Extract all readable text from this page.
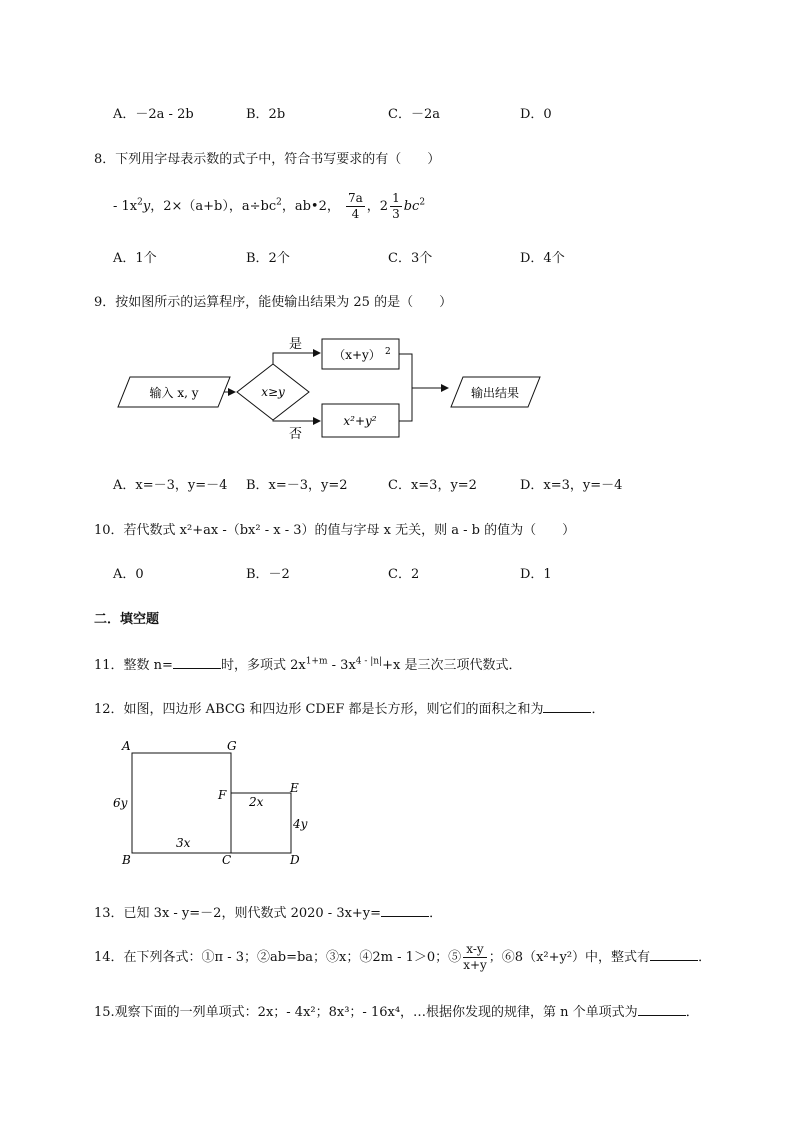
A．－2a - 2b	B．2b	C．－2a	D．0
8．下列用字母表示数的式子中，符合书写要求的有（　　）
- $1x^2y$，2×（a+b），$a\div bc^2$，ab•2， $\frac{7a}{4}$ ，$2 \frac{1}{3} bc^2$
A．1个	B．2个	C．3个	D．4个
9．按如图所示的运算程序，能使输出结果为 25 的是（　　）
输入 x, y	x≥y
是
否
（x+y） 2
x²+y²
输出结果
A．x=－3，y=－4 B．x=－3，y=2	C．x=3，y=2	D．x=3，y=－4
10．若代数式 x²+ax -（bx² - x - 3）的值与字母 x 无关，则 a - b 的值为（　　）
A．0	B．－2	C．2	D．1
二．填空题
11．整数 n=	时，多项式 $2x^{1+m} - 3x^{4 - |n|}+x$ 是三次三项代数式．
12．如图，四边形 ABCG 和四边形 CDEF 都是长方形，则它们的面积之和为	．
A	G
E
F
B	C	D
6y
3x
2x
4y
13．已知 3x - y=－2，则代数式 2020 - 3x+y=	．
14．在下列各式：①π - 3；②ab=ba；③x；④2m - 1＞0；⑤ $\frac{x-y}{x+y}$ ；⑥8（x²+y²）中，整式有	．
15.观察下面的一列单项式：2x；- 4x²；8x³；- 16x⁴，…根据你发现的规律，第 n 个单项式为	．
